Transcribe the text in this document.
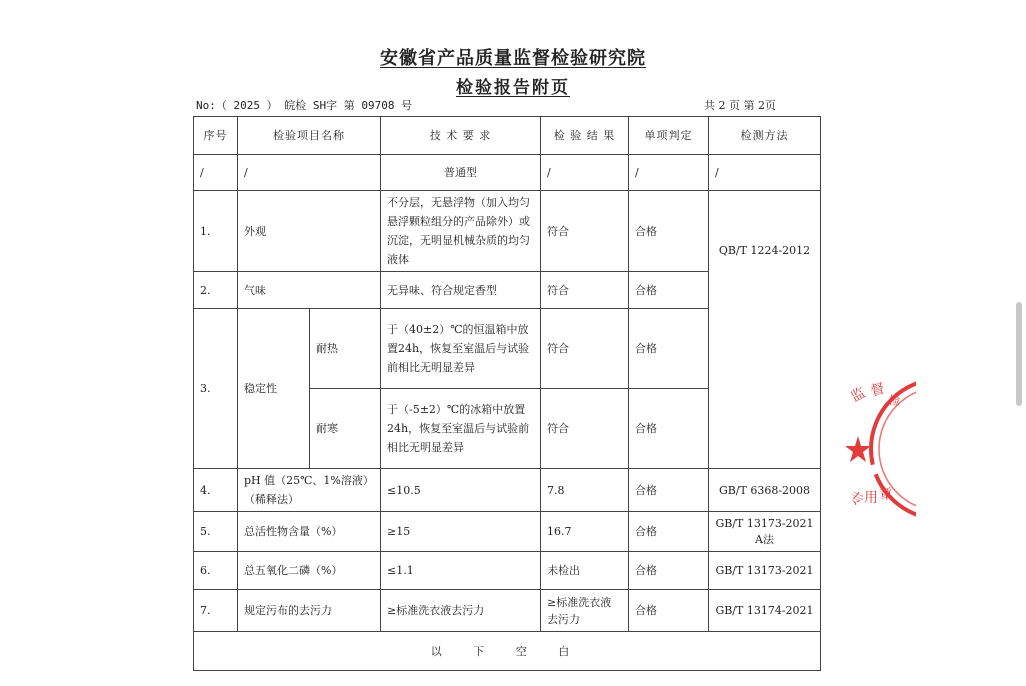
安徽省产品质量监督检验研究院
检验报告附页
No:（ 2025 ） 皖检 SH字 第 09708 号	共 2 页 第 2页
序号	检验项目名称		技 术 要 求	检 验 结 果	单项判定	检测方法
/	/		普通型	/	/	/
1.	外观		不分层，无悬浮物（加入均匀悬浮颗粒组分的产品除外）或沉淀，无明显机械杂质的均匀液体	符合	合格	QB/T 1224-2012
2.	气味		无异味、符合规定香型	符合	合格	
3.	稳定性	耐热	于（40±2）℃的恒温箱中放置24h，恢复至室温后与试验前相比无明显差异	符合	合格	
		耐寒	于（-5±2）℃的冰箱中放置24h，恢复至室温后与试验前相比无明显差异	符合	合格	
4.	pH 值（25℃、1%溶液）（稀释法）		≤10.5	7.8	合格	GB/T 6368-2008
5.	总活性物含量（%）		≥15	16.7	合格	GB/T 13173-2021
A法

6.	总五氧化二磷（%）		≤1.1	未检出	合格	GB/T 13173-2021
7.	规定污布的去污力		≥标准洗衣液去污力	≥标准洗衣液去污力	合格	GB/T 13174-2021
以 下 空 白						
监 督
检
专
用 章
